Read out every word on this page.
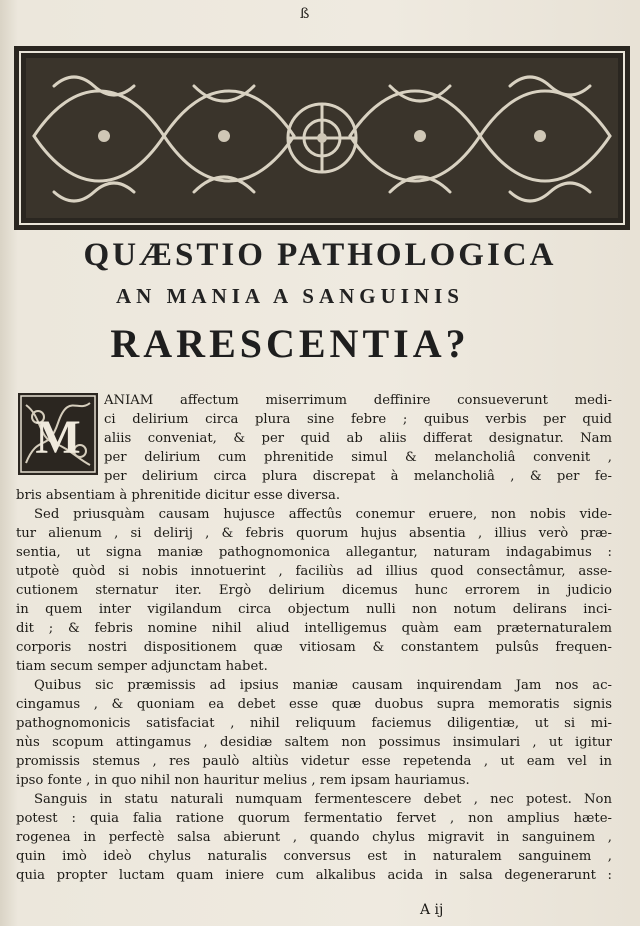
ß
QUÆSTIO PATHOLOGICA
AN MANIA A SANGUINIS
RARESCENTIA?
M
ANIAM affectum miserrimum deffinire consueverunt medi-
ci delirium circa plura sine febre ; quibus verbis per quid
aliis conveniat, & per quid ab aliis differat designatur. Nam
per delirium cum phrenitide simul & melancholiâ convenit ,
per delirium circa plura discrepat à melancholiâ , & per fe-
bris absentiam à phrenitide dicitur esse diversa.
Sed priusquàm causam hujusce affectûs conemur eruere, non nobis vide-
tur alienum , si delirij , & febris quorum hujus absentia , illius verò præ-
sentia, ut signa maniæ pathognomonica allegantur, naturam indagabimus :
utpotè quòd si nobis innotuerint , faciliùs ad illius quod consectâmur, asse-
cutionem sternatur iter. Ergò delirium dicemus hunc errorem in judicio
in quem inter vigilandum circa objectum nulli non notum delirans inci-
dit ; & febris nomine nihil aliud intelligemus quàm eam præternaturalem
corporis nostri dispositionem quæ vitiosam & constantem pulsûs frequen-
tiam secum semper adjunctam habet.
Quibus sic præmissis ad ipsius maniæ causam inquirendam Jam nos ac-
cingamus , & quoniam ea debet esse quæ duobus supra memoratis signis
pathognomonicis satisfaciat , nihil reliquum faciemus diligentiæ, ut si mi-
nùs scopum attingamus , desidiæ saltem non possimus insimulari , ut igitur
promissis stemus , res paulò altiùs videtur esse repetenda , ut eam vel in
ipso fonte , in quo nihil non hauritur melius , rem ipsam hauriamus.
Sanguis in statu naturali numquam fermentescere debet , nec potest. Non
potest : quia falia ratione quorum fermentatio fervet , non amplius hæte-
rogenea in perfectè salsa abierunt , quando chylus migravit in sanguinem ,
quin imò ideò chylus naturalis conversus est in naturalem sanguinem ,
quia propter luctam quam iniere cum alkalibus acida in salsa degenerarunt :
A ij
